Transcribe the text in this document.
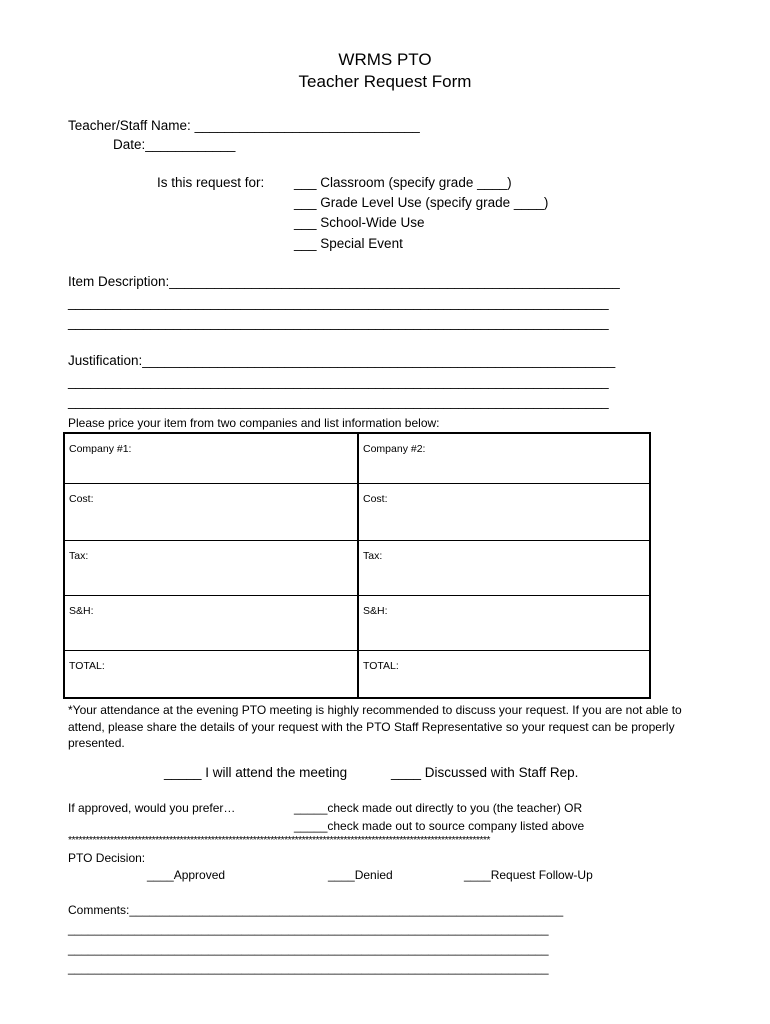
WRMS PTO
Teacher Request Form
Teacher/Staff Name: ______________________________
Date:____________
Is this request for: ___ Classroom (specify grade ____)
___ Grade Level Use (specify grade ____)
___ School-Wide Use
___ Special Event
Item Description:____________________________________________________________
________________________________________________________________________
________________________________________________________________________
Justification:_______________________________________________________________
________________________________________________________________________
________________________________________________________________________
Please price your item from two companies and list information below:
Company #1:	Company #2:
Cost:	Cost:
Tax:	Tax:
S&H:	S&H:
TOTAL:	TOTAL:
*Your attendance at the evening PTO meeting is highly recommended to discuss your request. If you are not able to attend, please share the details of your request with the PTO Staff Representative so your request can be properly presented.
_____ I will attend the meeting	____ Discussed with Staff Rep.
If approved, would you prefer…	_____check made out directly to you (the teacher) OR
_____check made out to source company listed above
*************************************************************************************************************************
PTO Decision:
____Approved	____Denied	____Request Follow-Up
Comments:_________________________________________________________________
________________________________________________________________________
________________________________________________________________________
________________________________________________________________________
